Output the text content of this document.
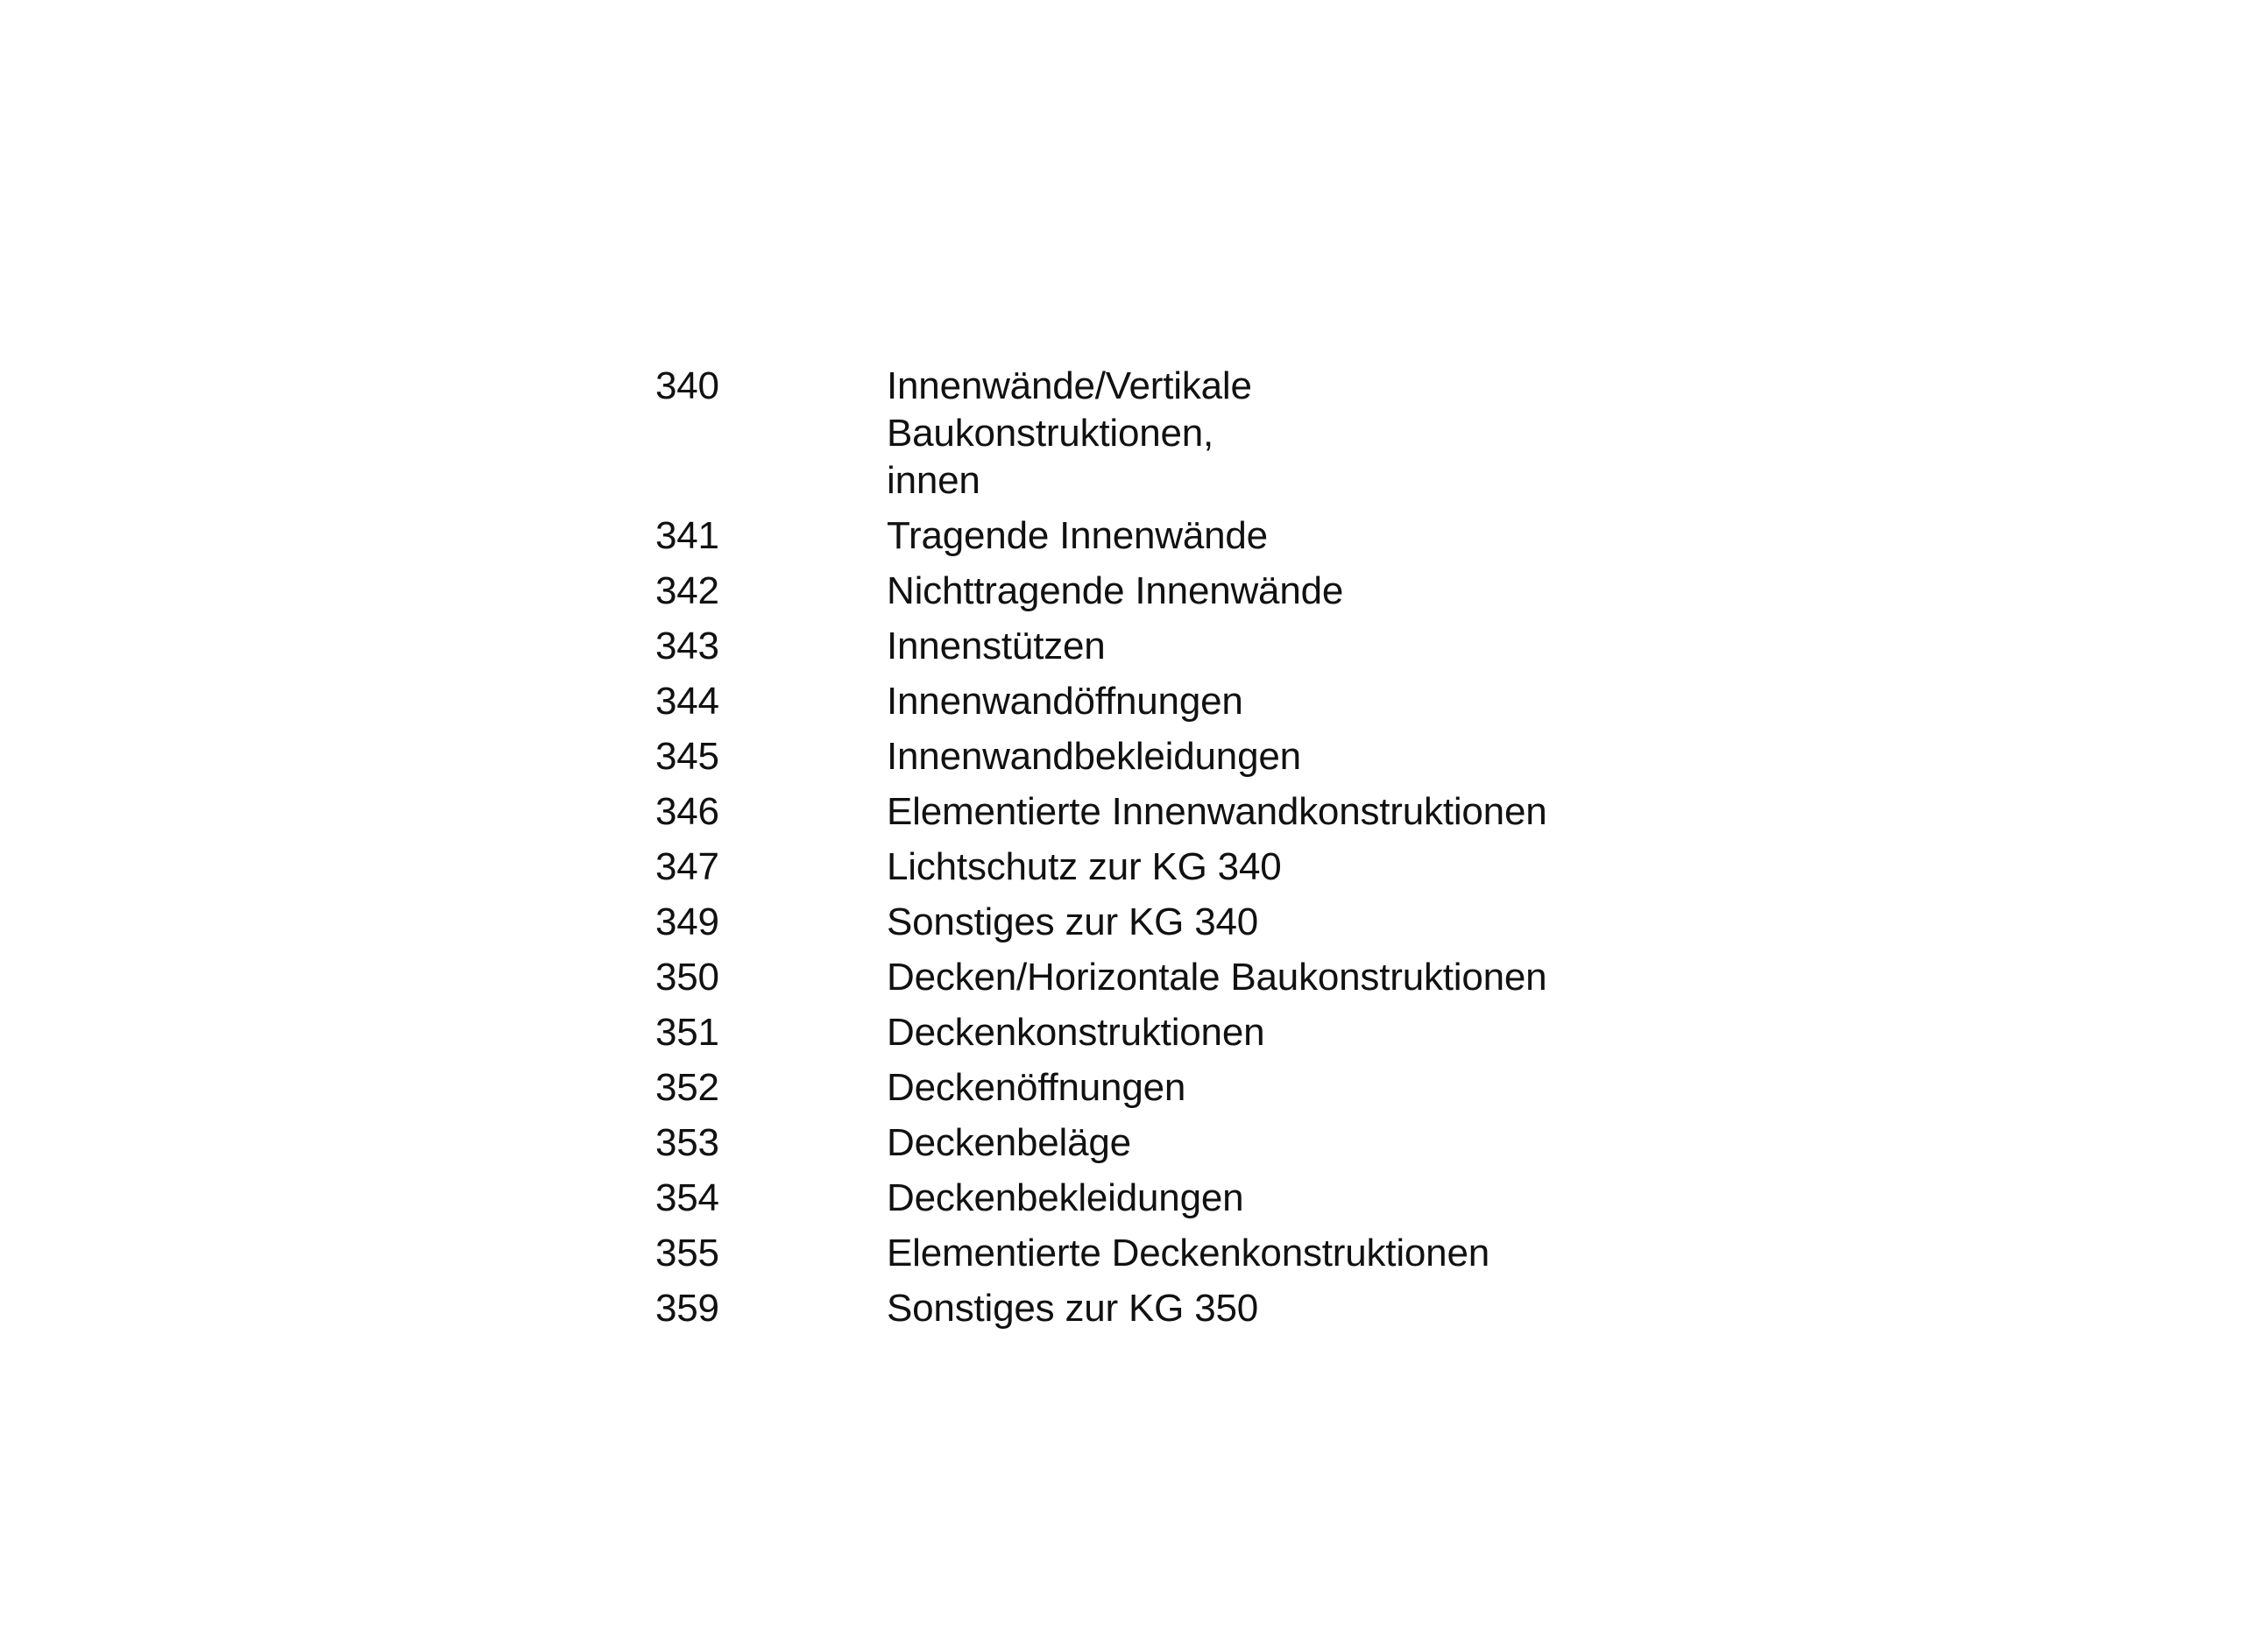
340	Innenwände/Vertikale Baukonstruktionen, innen
341	Tragende Innenwände
342	Nichttragende Innenwände
343	Innenstützen
344	Innenwandöffnungen
345	Innenwandbekleidungen
346	Elementierte Innenwandkonstruktionen
347	Lichtschutz zur KG 340
349	Sonstiges zur KG 340
350	Decken/Horizontale Baukonstruktionen
351	Deckenkonstruktionen
352	Deckenöffnungen
353	Deckenbeläge
354	Deckenbekleidungen
355	Elementierte Deckenkonstruktionen
359	Sonstiges zur KG 350
